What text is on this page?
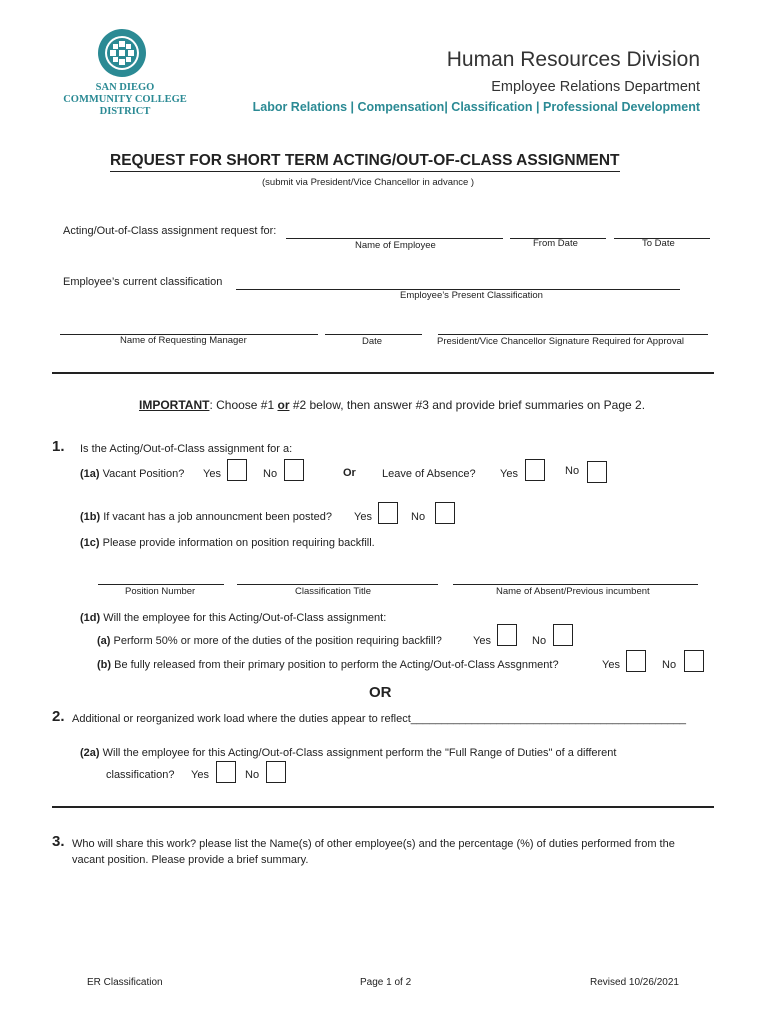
SAN DIEGO
COMMUNITY COLLEGE
DISTRICT
Human Resources Division
Employee Relations Department
Labor Relations | Compensation| Classification | Professional Development
REQUEST FOR SHORT TERM ACTING/OUT-OF-CLASS ASSIGNMENT
(submit via President/Vice Chancellor in advance )
Acting/Out-of-Class assignment request for:
Name of Employee	From Date	To Date
Employee’s current classification
Employee’s Present Classification
Name of Requesting Manager	Date	President/Vice Chancellor Signature Required for Approval
IMPORTANT: Choose #1 or #2 below, then answer #3 and provide brief summaries on Page 2.
1. Is the Acting/Out-of-Class assignment for a:
(1a) Vacant Position? Yes	No	Or Leave of Absence? Yes	No
(1b) If vacant has a job announcment been posted? Yes	No
(1c) Please provide information on position requiring backfill.
Position Number	Classification Title	Name of Absent/Previous incumbent
(1d) Will the employee for this Acting/Out-of-Class assignment:
(a) Perform 50% or more of the duties of the position requiring backfill?	Yes	No
(b) Be fully released from their primary position to perform the Acting/Out-of-Class Assgnment?	Yes	No
OR
2. Additional or reorganized work load where the duties appear to reflect_____________________________________________
(2a) Will the employee for this Acting/Out-of-Class assignment perform the "Full Range of Duties" of a different
classification? Yes	No
3. Who will share this work? please list the Name(s) of other employee(s) and the percentage (%) of duties performed from the
vacant position. Please provide a brief summary.
ER Classification	Page 1 of 2	Revised 10/26/2021
